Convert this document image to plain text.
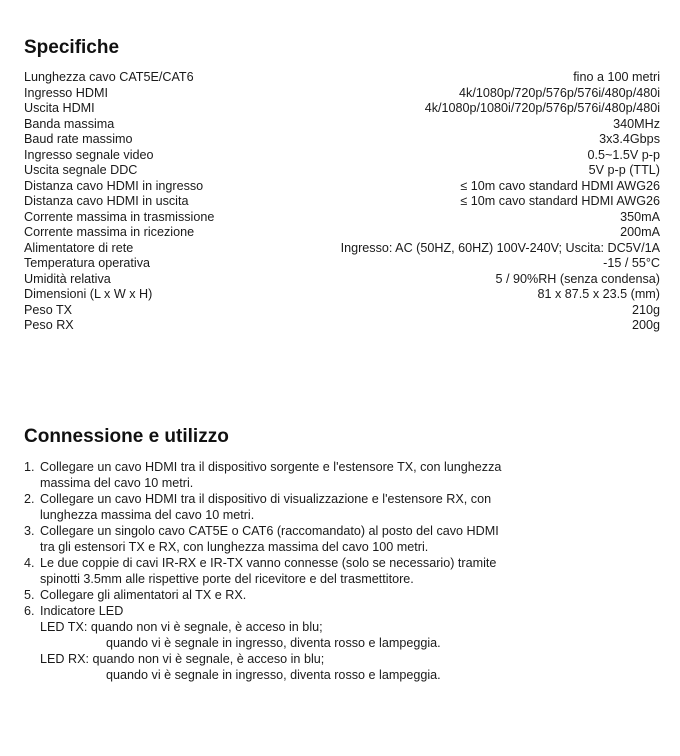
Specifiche
Lunghezza cavo CAT5E/CAT6	fino a 100 metri
Ingresso HDMI	4k/1080p/720p/576p/576i/480p/480i
Uscita HDMI	4k/1080p/1080i/720p/576p/576i/480p/480i
Banda massima	340MHz
Baud rate massimo	3x3.4Gbps
Ingresso segnale video	0.5~1.5V p-p
Uscita segnale DDC	5V p-p (TTL)
Distanza cavo HDMI in ingresso	≤ 10m cavo standard HDMI AWG26
Distanza cavo HDMI in uscita	≤ 10m cavo standard HDMI AWG26
Corrente massima in trasmissione	350mA
Corrente massima in ricezione	200mA
Alimentatore di rete	Ingresso: AC (50HZ, 60HZ) 100V-240V; Uscita: DC5V/1A
Temperatura operativa	-15 / 55°C
Umidità relativa	5 / 90%RH (senza condensa)
Dimensioni (L x W x H)	81 x 87.5 x 23.5 (mm)
Peso TX	210g
Peso RX	200g
Connessione e utilizzo
1. Collegare un cavo HDMI tra il dispositivo sorgente e l'estensore TX, con lunghezza
massima del cavo 10 metri.
2. Collegare un cavo HDMI tra il dispositivo di visualizzazione e l'estensore RX, con
lunghezza massima del cavo 10 metri.
3. Collegare un singolo cavo CAT5E o CAT6 (raccomandato) al posto del cavo HDMI
tra gli estensori TX e RX, con lunghezza massima del cavo 100 metri.
4. Le due coppie di cavi IR-RX e IR-TX vanno connesse (solo se necessario) tramite
spinotti 3.5mm alle rispettive porte del ricevitore e del trasmettitore.
5. Collegare gli alimentatori al TX e RX.
6. Indicatore LED
LED TX: quando non vi è segnale, è acceso in blu;
quando vi è segnale in ingresso, diventa rosso e lampeggia.
LED RX: quando non vi è segnale, è acceso in blu;
quando vi è segnale in ingresso, diventa rosso e lampeggia.
